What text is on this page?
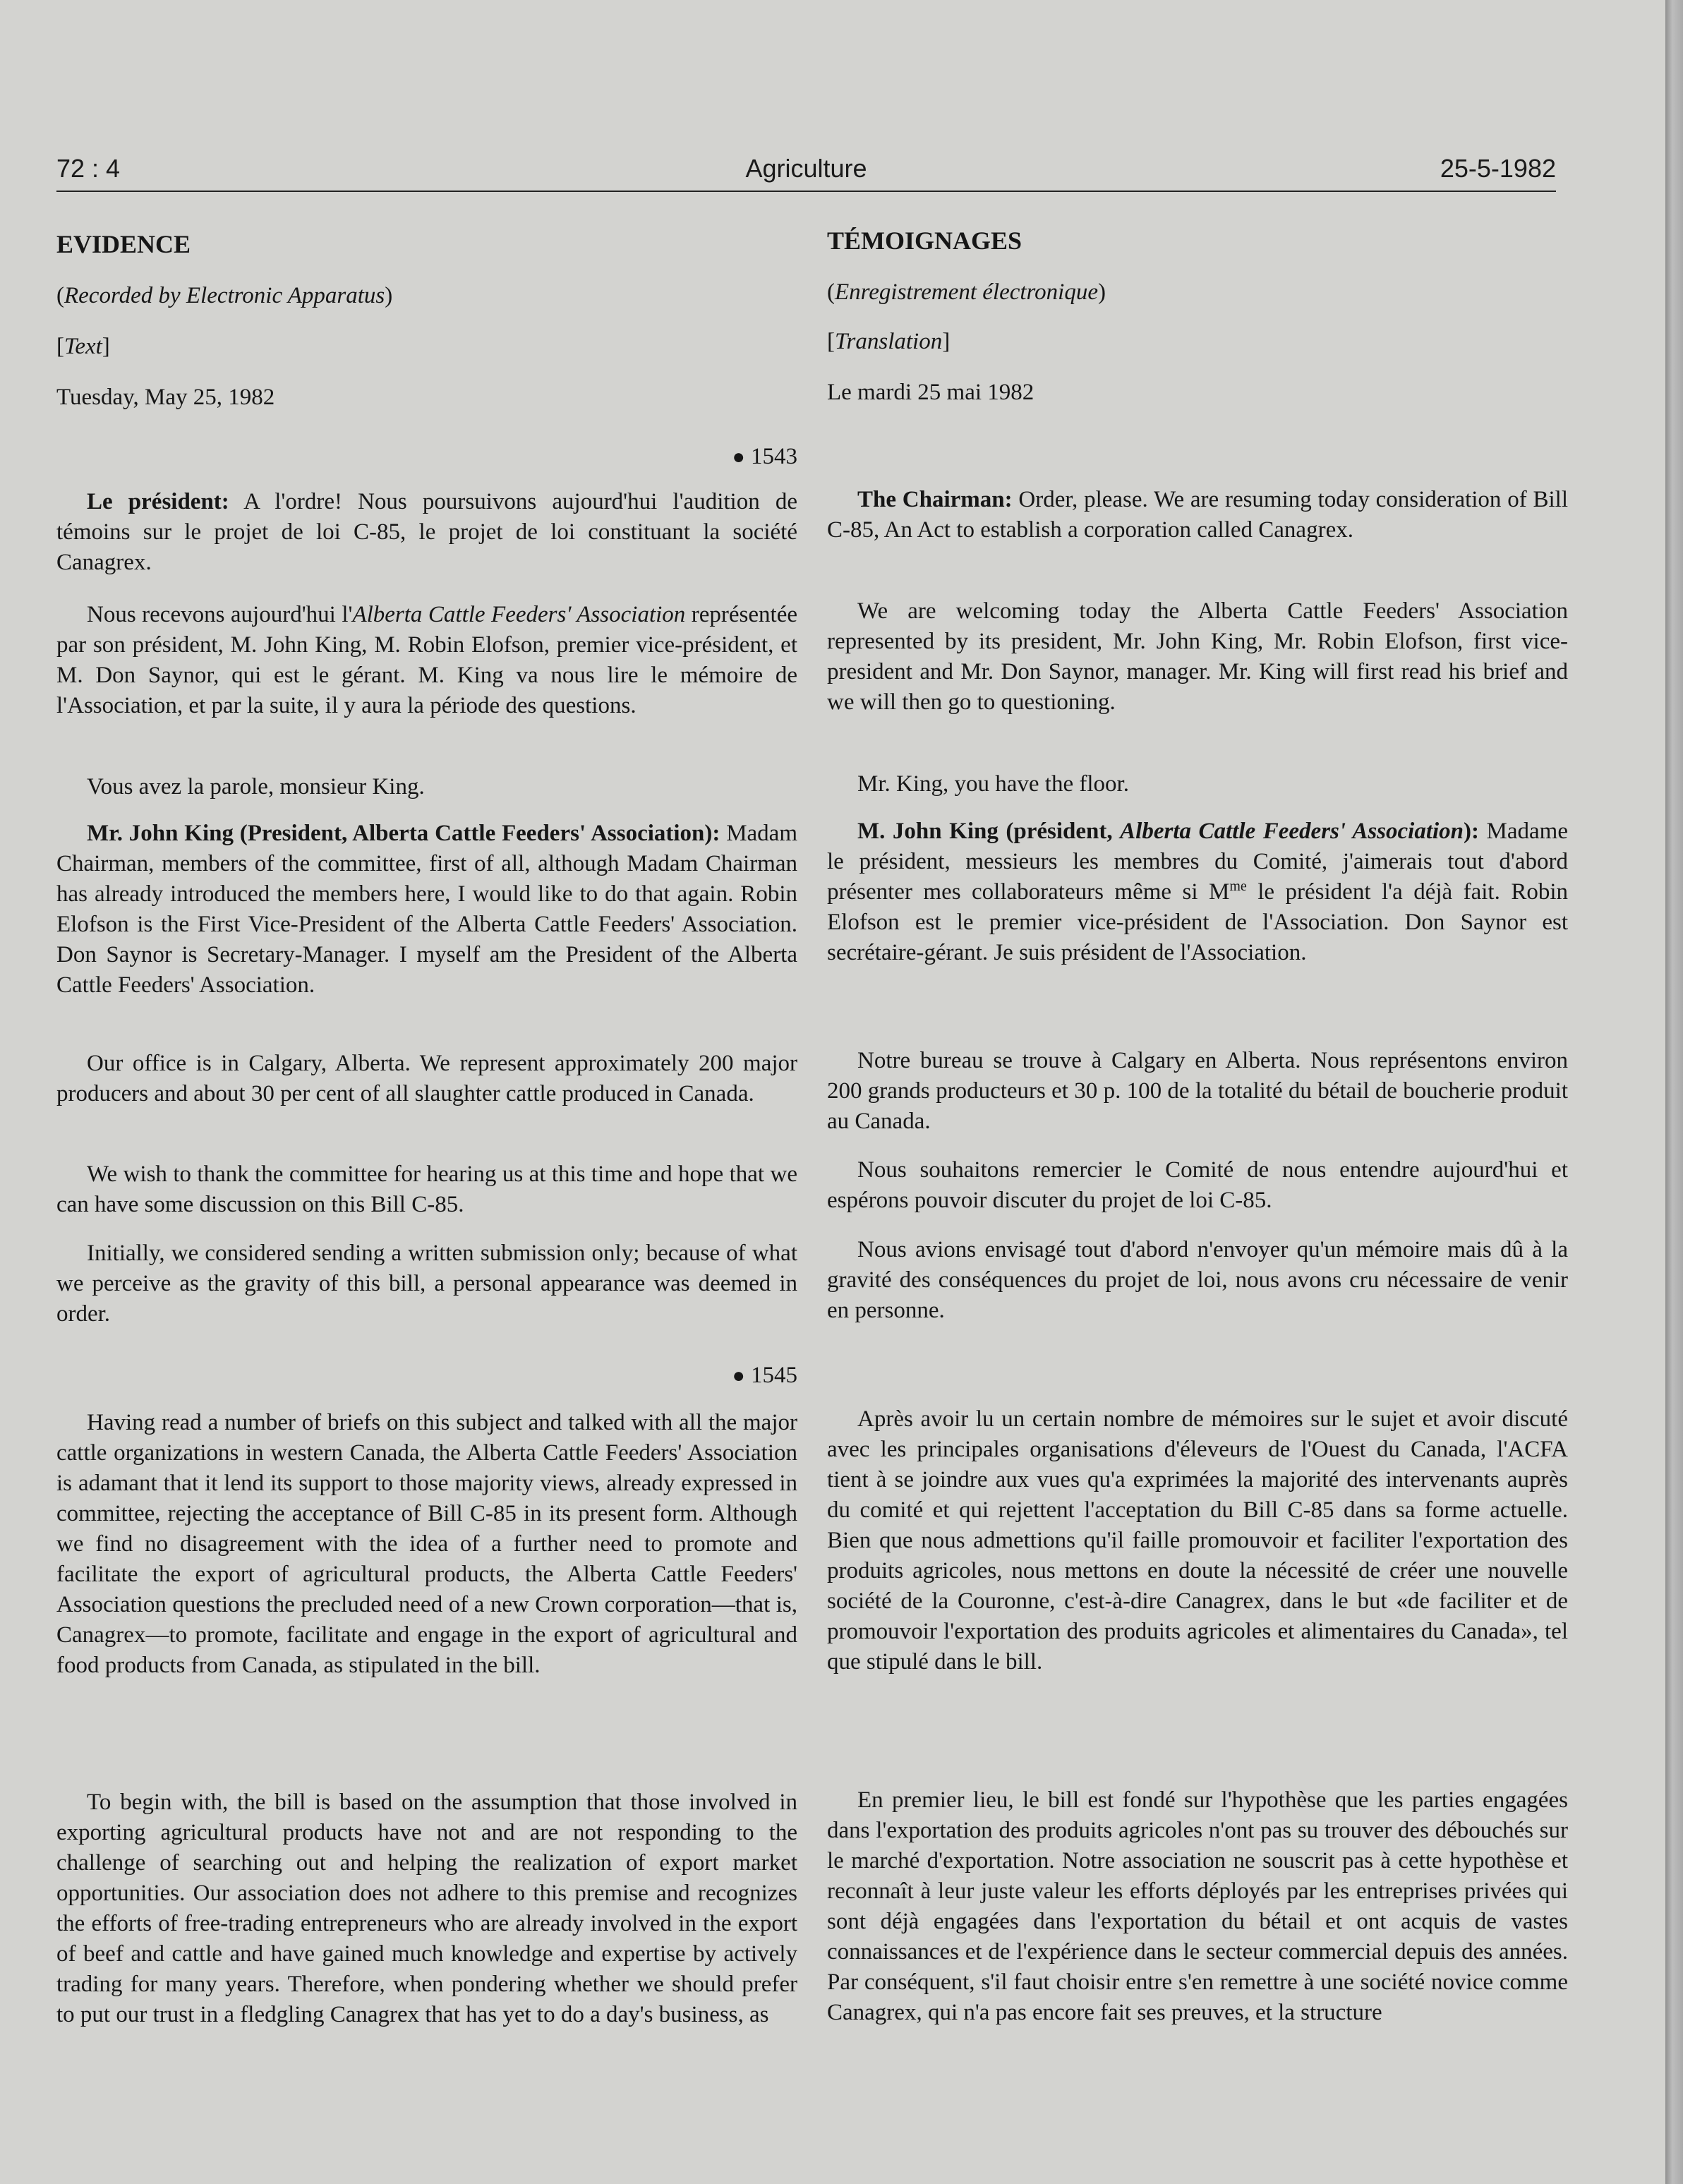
72 : 4	Agriculture	25-5-1982

EVIDENCE

(Recorded by Electronic Apparatus)

[Text]

Tuesday, May 25, 1982

● 1543

Le président: A l'ordre! Nous poursuivons aujourd'hui l'audition de témoins sur le projet de loi C-85, le projet de loi constituant la société Canagrex.

Nous recevons aujourd'hui l'Alberta Cattle Feeders' Association représentée par son président, M. John King, M. Robin Elofson, premier vice-président, et M. Don Saynor, qui est le gérant. M. King va nous lire le mémoire de l'Association, et par la suite, il y aura la période des questions.

Vous avez la parole, monsieur King.

Mr. John King (President, Alberta Cattle Feeders' Association): Madam Chairman, members of the committee, first of all, although Madam Chairman has already introduced the members here, I would like to do that again. Robin Elofson is the First Vice-President of the Alberta Cattle Feeders' Association. Don Saynor is Secretary-Manager. I myself am the President of the Alberta Cattle Feeders' Association.

Our office is in Calgary, Alberta. We represent approximately 200 major producers and about 30 per cent of all slaughter cattle produced in Canada.

We wish to thank the committee for hearing us at this time and hope that we can have some discussion on this Bill C-85.

Initially, we considered sending a written submission only; because of what we perceive as the gravity of this bill, a personal appearance was deemed in order.

● 1545

Having read a number of briefs on this subject and talked with all the major cattle organizations in western Canada, the Alberta Cattle Feeders' Association is adamant that it lend its support to those majority views, already expressed in committee, rejecting the acceptance of Bill C-85 in its present form. Although we find no disagreement with the idea of a further need to promote and facilitate the export of agricultural products, the Alberta Cattle Feeders' Association questions the precluded need of a new Crown corporation—that is, Canagrex—to promote, facilitate and engage in the export of agricultural and food products from Canada, as stipulated in the bill.

To begin with, the bill is based on the assumption that those involved in exporting agricultural products have not and are not responding to the challenge of searching out and helping the realization of export market opportunities. Our association does not adhere to this premise and recognizes the efforts of free-trading entrepreneurs who are already involved in the export of beef and cattle and have gained much knowledge and expertise by actively trading for many years. Therefore, when pondering whether we should prefer to put our trust in a fledgling Canagrex that has yet to do a day's business, as

TÉMOIGNAGES

(Enregistrement électronique)

[Translation]

Le mardi 25 mai 1982

The Chairman: Order, please. We are resuming today consideration of Bill C-85, An Act to establish a corporation called Canagrex.

We are welcoming today the Alberta Cattle Feeders' Association represented by its president, Mr. John King, Mr. Robin Elofson, first vice-president and Mr. Don Saynor, manager. Mr. King will first read his brief and we will then go to questioning.

Mr. King, you have the floor.

M. John King (président, Alberta Cattle Feeders' Association): Madame le président, messieurs les membres du Comité, j'aimerais tout d'abord présenter mes collaborateurs même si $M^{me}$ le président l'a déjà fait. Robin Elofson est le premier vice-président de l'Association. Don Saynor est secrétaire-gérant. Je suis président de l'Association.

Notre bureau se trouve à Calgary en Alberta. Nous représentons environ 200 grands producteurs et 30 p. 100 de la totalité du bétail de boucherie produit au Canada.

Nous souhaitons remercier le Comité de nous entendre aujourd'hui et espérons pouvoir discuter du projet de loi C-85.

Nous avions envisagé tout d'abord n'envoyer qu'un mémoire mais dû à la gravité des conséquences du projet de loi, nous avons cru nécessaire de venir en personne.

Après avoir lu un certain nombre de mémoires sur le sujet et avoir discuté avec les principales organisations d'éleveurs de l'Ouest du Canada, l'ACFA tient à se joindre aux vues qu'a exprimées la majorité des intervenants auprès du comité et qui rejettent l'acceptation du Bill C-85 dans sa forme actuelle. Bien que nous admettions qu'il faille promouvoir et faciliter l'exportation des produits agricoles, nous mettons en doute la nécessité de créer une nouvelle société de la Couronne, c'est-à-dire Canagrex, dans le but «de faciliter et de promouvoir l'exportation des produits agricoles et alimentaires du Canada», tel que stipulé dans le bill.

En premier lieu, le bill est fondé sur l'hypothèse que les parties engagées dans l'exportation des produits agricoles n'ont pas su trouver des débouchés sur le marché d'exportation. Notre association ne souscrit pas à cette hypothèse et reconnaît à leur juste valeur les efforts déployés par les entreprises privées qui sont déjà engagées dans l'exportation du bétail et ont acquis de vastes connaissances et de l'expérience dans le secteur commercial depuis des années. Par conséquent, s'il faut choisir entre s'en remettre à une société novice comme Canagrex, qui n'a pas encore fait ses preuves, et la structure
